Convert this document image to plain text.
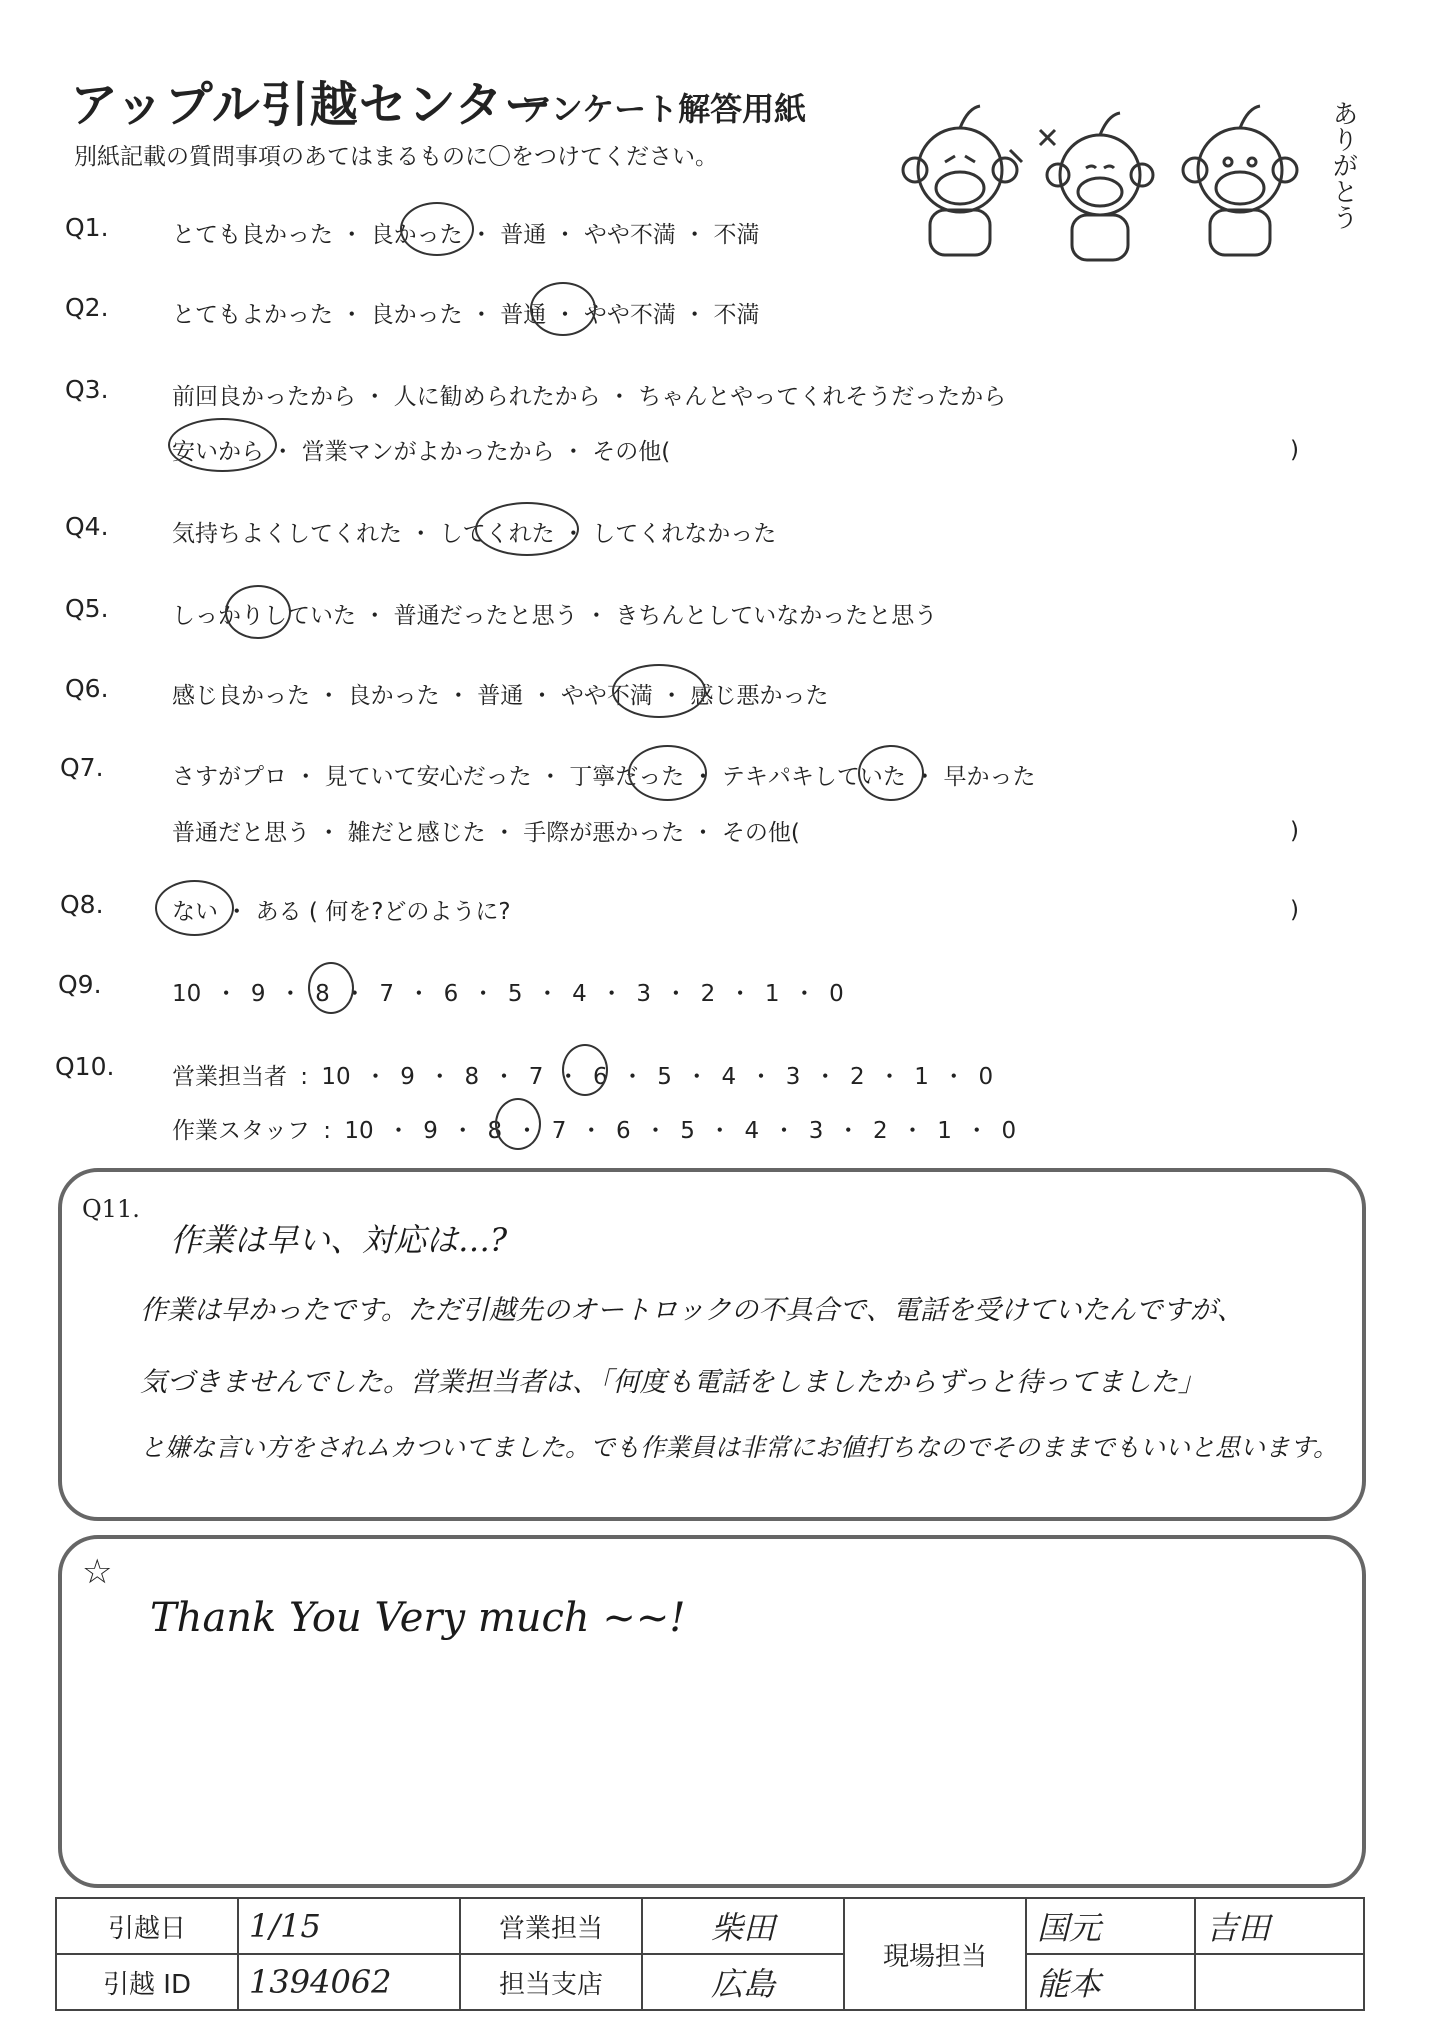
アップル引越センター
アンケート解答用紙
別紙記載の質問事項のあてはまるものに〇をつけてください。	ありがとう
Q1.	とても良かった ・ 良かった ・ 普通 ・ やや不満 ・ 不満
Q2.	とてもよかった ・ 良かった ・ 普通 ・ やや不満 ・ 不満
Q3.	前回良かったから ・ 人に勧められたから ・ ちゃんとやってくれそうだったから
安いから ・ 営業マンがよかったから ・ その他(	)
Q4.	気持ちよくしてくれた ・ してくれた ・ してくれなかった
Q5.	しっかりしていた ・ 普通だったと思う ・ きちんとしていなかったと思う
Q6.	感じ良かった ・ 良かった ・ 普通 ・ やや不満 ・ 感じ悪かった
Q7.	さすがプロ ・ 見ていて安心だった ・ 丁寧だった ・ テキパキしていた ・ 早かった
普通だと思う ・ 雑だと感じた ・ 手際が悪かった ・ その他(	)
Q8.	ない ・ ある ( 何を?どのように?	)
Q9.	10 ・ 9 ・ 8 ・ 7 ・ 6 ・ 5 ・ 4 ・ 3 ・ 2 ・ 1 ・ 0
Q10.	営業担当者 : 10 ・ 9 ・ 8 ・ 7 ・ 6 ・ 5 ・ 4 ・ 3 ・ 2 ・ 1 ・ 0
作業スタッフ : 10 ・ 9 ・ 8 ・ 7 ・ 6 ・ 5 ・ 4 ・ 3 ・ 2 ・ 1 ・ 0
Q11.
作業は早い、対応は…?
作業は早かったです。ただ引越先のオートロックの不具合で、電話を受けていたんですが、
気づきませんでした。営業担当者は、「何度も電話をしましたからずっと待ってました」
と嫌な言い方をされムカついてました。でも作業員は非常にお値打ちなのでそのままでもいいと思います。
☆
Thank You Very much ~~!
引越日	1/15	営業担当	柴田	現場担当	国元	吉田
引越 ID	1394062	担当支店	広島		能本	
